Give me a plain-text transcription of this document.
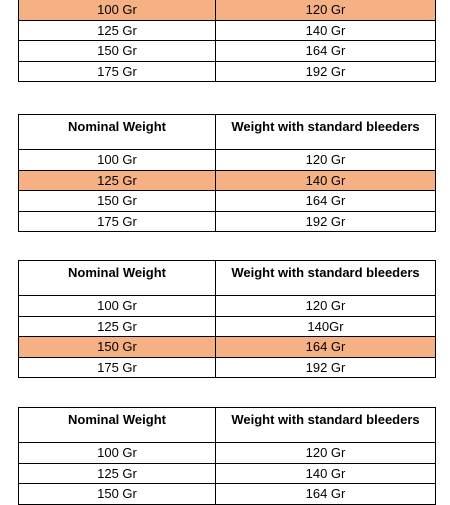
100 Gr	120 Gr
125 Gr	140 Gr
150 Gr	164 Gr
175 Gr	192 Gr
Nominal Weight	Weight with standard bleeders
100 Gr	120 Gr
125 Gr	140 Gr
150 Gr	164 Gr
175 Gr	192 Gr
Nominal Weight	Weight with standard bleeders
100 Gr	120 Gr
125 Gr	140Gr
150 Gr	164 Gr
175 Gr	192 Gr
Nominal Weight	Weight with standard bleeders
100 Gr	120 Gr
125 Gr	140 Gr
150 Gr	164 Gr
